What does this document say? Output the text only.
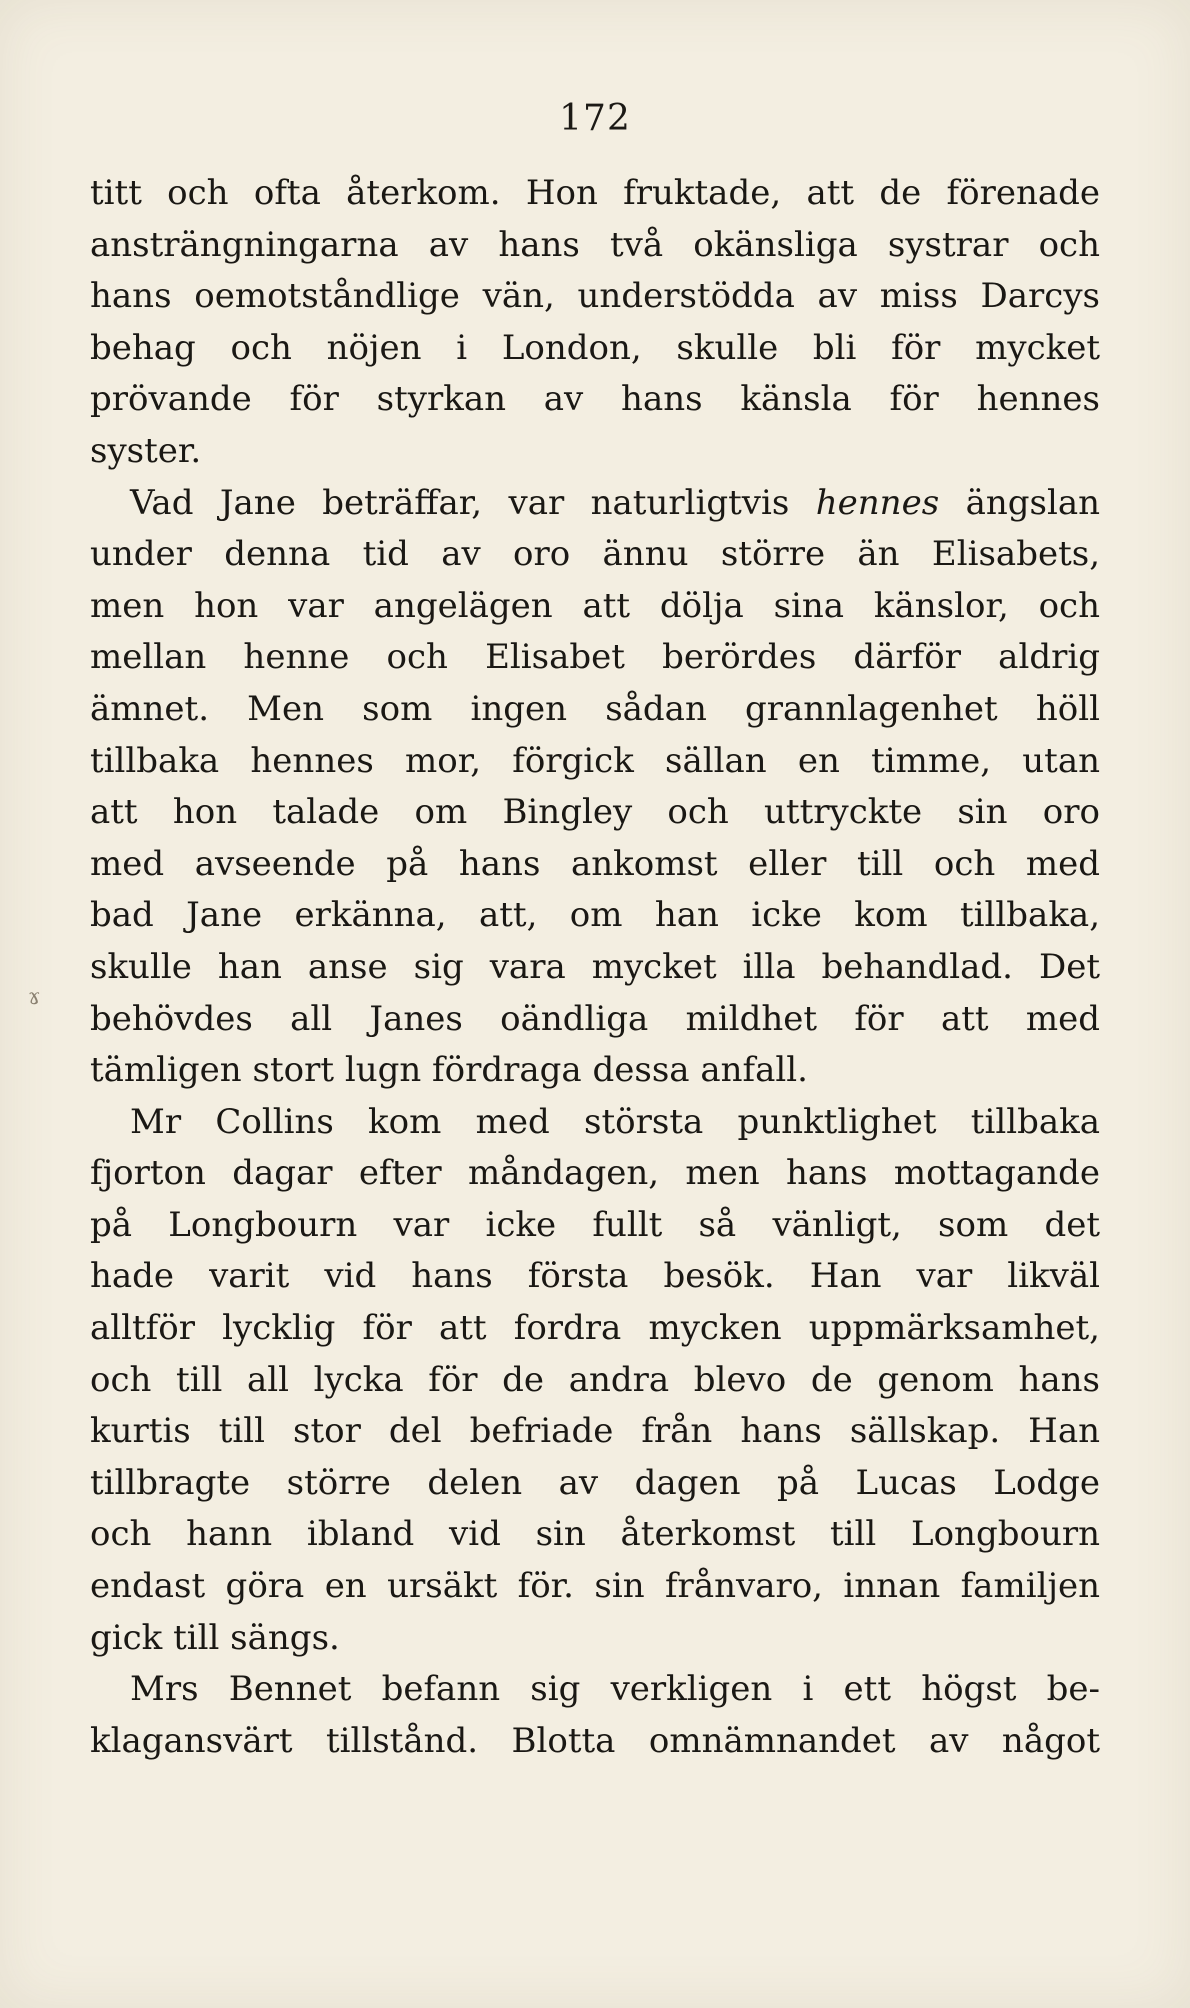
172
ɤ
titt och ofta återkom. Hon fruktade, att de förenade
ansträngningarna av hans två okänsliga systrar och
hans oemotståndlige vän, understödda av miss Darcys
behag och nöjen i London, skulle bli för mycket
prövande för styrkan av hans känsla för hennes
syster.
Vad Jane beträffar, var naturligtvis hennes ängslan
under denna tid av oro ännu större än Elisabets,
men hon var angelägen att dölja sina känslor, och
mellan henne och Elisabet berördes därför aldrig
ämnet. Men som ingen sådan grannlagenhet höll
tillbaka hennes mor, förgick sällan en timme, utan
att hon talade om Bingley och uttryckte sin oro
med avseende på hans ankomst eller till och med
bad Jane erkänna, att, om han icke kom tillbaka,
skulle han anse sig vara mycket illa behandlad. Det
behövdes all Janes oändliga mildhet för att med
tämligen stort lugn fördraga dessa anfall.
Mr Collins kom med största punktlighet tillbaka
fjorton dagar efter måndagen, men hans mottagande
på Longbourn var icke fullt så vänligt, som det
hade varit vid hans första besök. Han var likväl
alltför lycklig för att fordra mycken uppmärksamhet,
och till all lycka för de andra blevo de genom hans
kurtis till stor del befriade från hans sällskap. Han
tillbragte större delen av dagen på Lucas Lodge
och hann ibland vid sin återkomst till Longbourn
endast göra en ursäkt för. sin frånvaro, innan familjen
gick till sängs.
Mrs Bennet befann sig verkligen i ett högst be-
klagansvärt tillstånd. Blotta omnämnandet av något
